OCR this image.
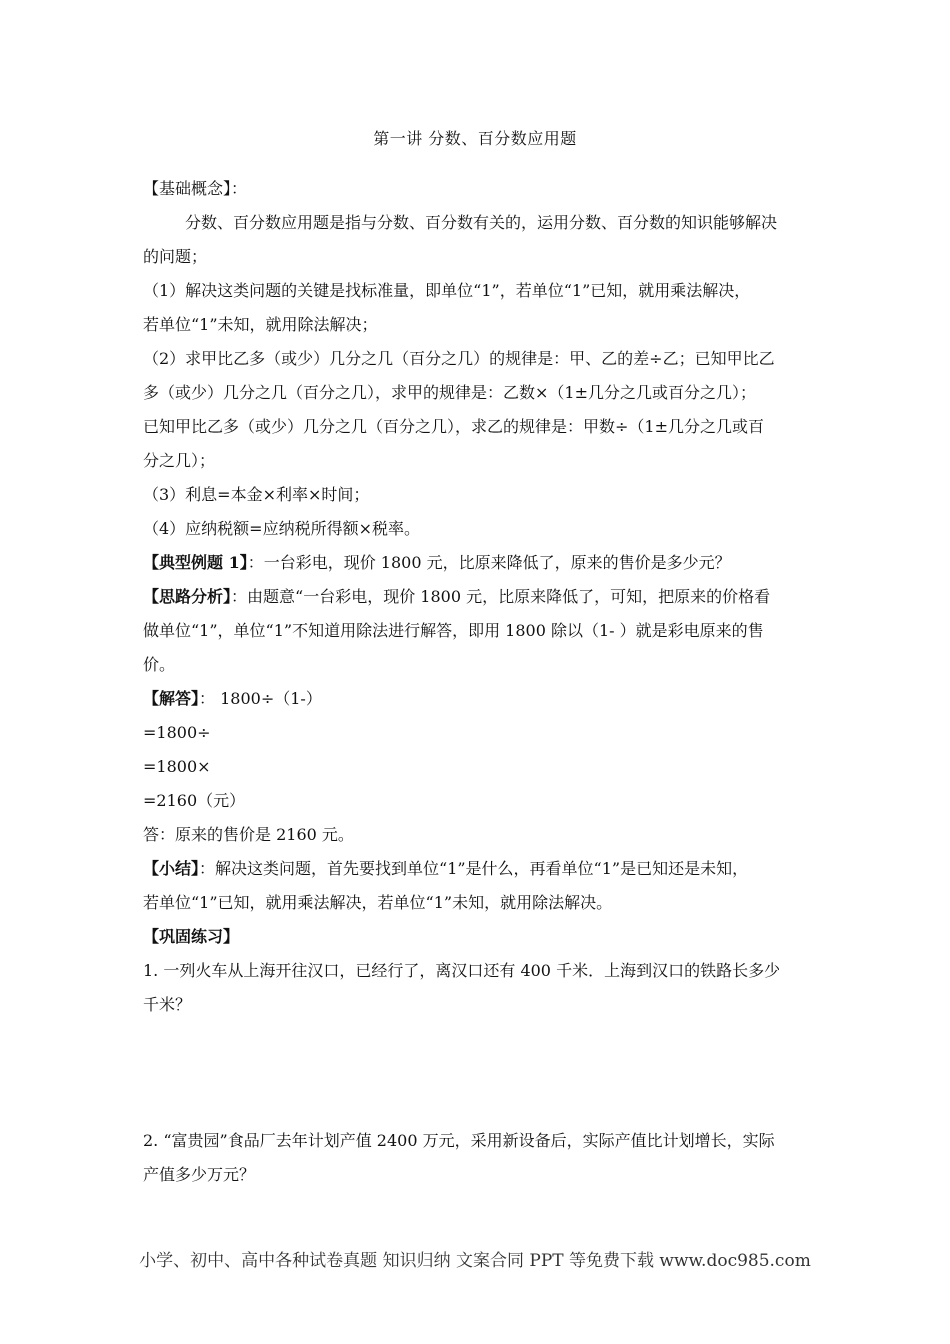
第一讲 分数、百分数应用题
【基础概念】：
分数、百分数应用题是指与分数、百分数有关的，运用分数、百分数的知识能够解决
的问题；
（1）解决这类问题的关键是找标准量，即单位“1”，若单位“1”已知，就用乘法解决，
若单位“1”未知，就用除法解决；
（2）求甲比乙多（或少）几分之几（百分之几）的规律是：甲、乙的差÷乙；已知甲比乙
多（或少）几分之几（百分之几），求甲的规律是：乙数×（1±几分之几或百分之几）；
已知甲比乙多（或少）几分之几（百分之几），求乙的规律是：甲数÷（1±几分之几或百
分之几）；
（3）利息=本金×利率×时间；
（4）应纳税额=应纳税所得额×税率。
【典型例题 1】：一台彩电，现价 1800 元，比原来降低了，原来的售价是多少元？
【思路分析】：由题意“一台彩电，现价 1800 元，比原来降低了，可知，把原来的价格看
做单位“1”，单位“1”不知道用除法进行解答，即用 1800 除以（1- ）就是彩电原来的售
价。
【解答】： 1800÷（1-）
=1800÷
=1800×
=2160（元）
答：原来的售价是 2160 元。
【小结】：解决这类问题，首先要找到单位“1”是什么，再看单位“1”是已知还是未知，
若单位“1”已知，就用乘法解决，若单位“1”未知，就用除法解决。
【巩固练习】
1. 一列火车从上海开往汉口，已经行了，离汉口还有 400 千米．上海到汉口的铁路长多少
千米？
2. “富贵园”食品厂去年计划产值 2400 万元，采用新设备后，实际产值比计划增长，实际
产值多少万元？
小学、初中、高中各种试卷真题 知识归纳 文案合同 PPT 等免费下载 www.doc985.com
